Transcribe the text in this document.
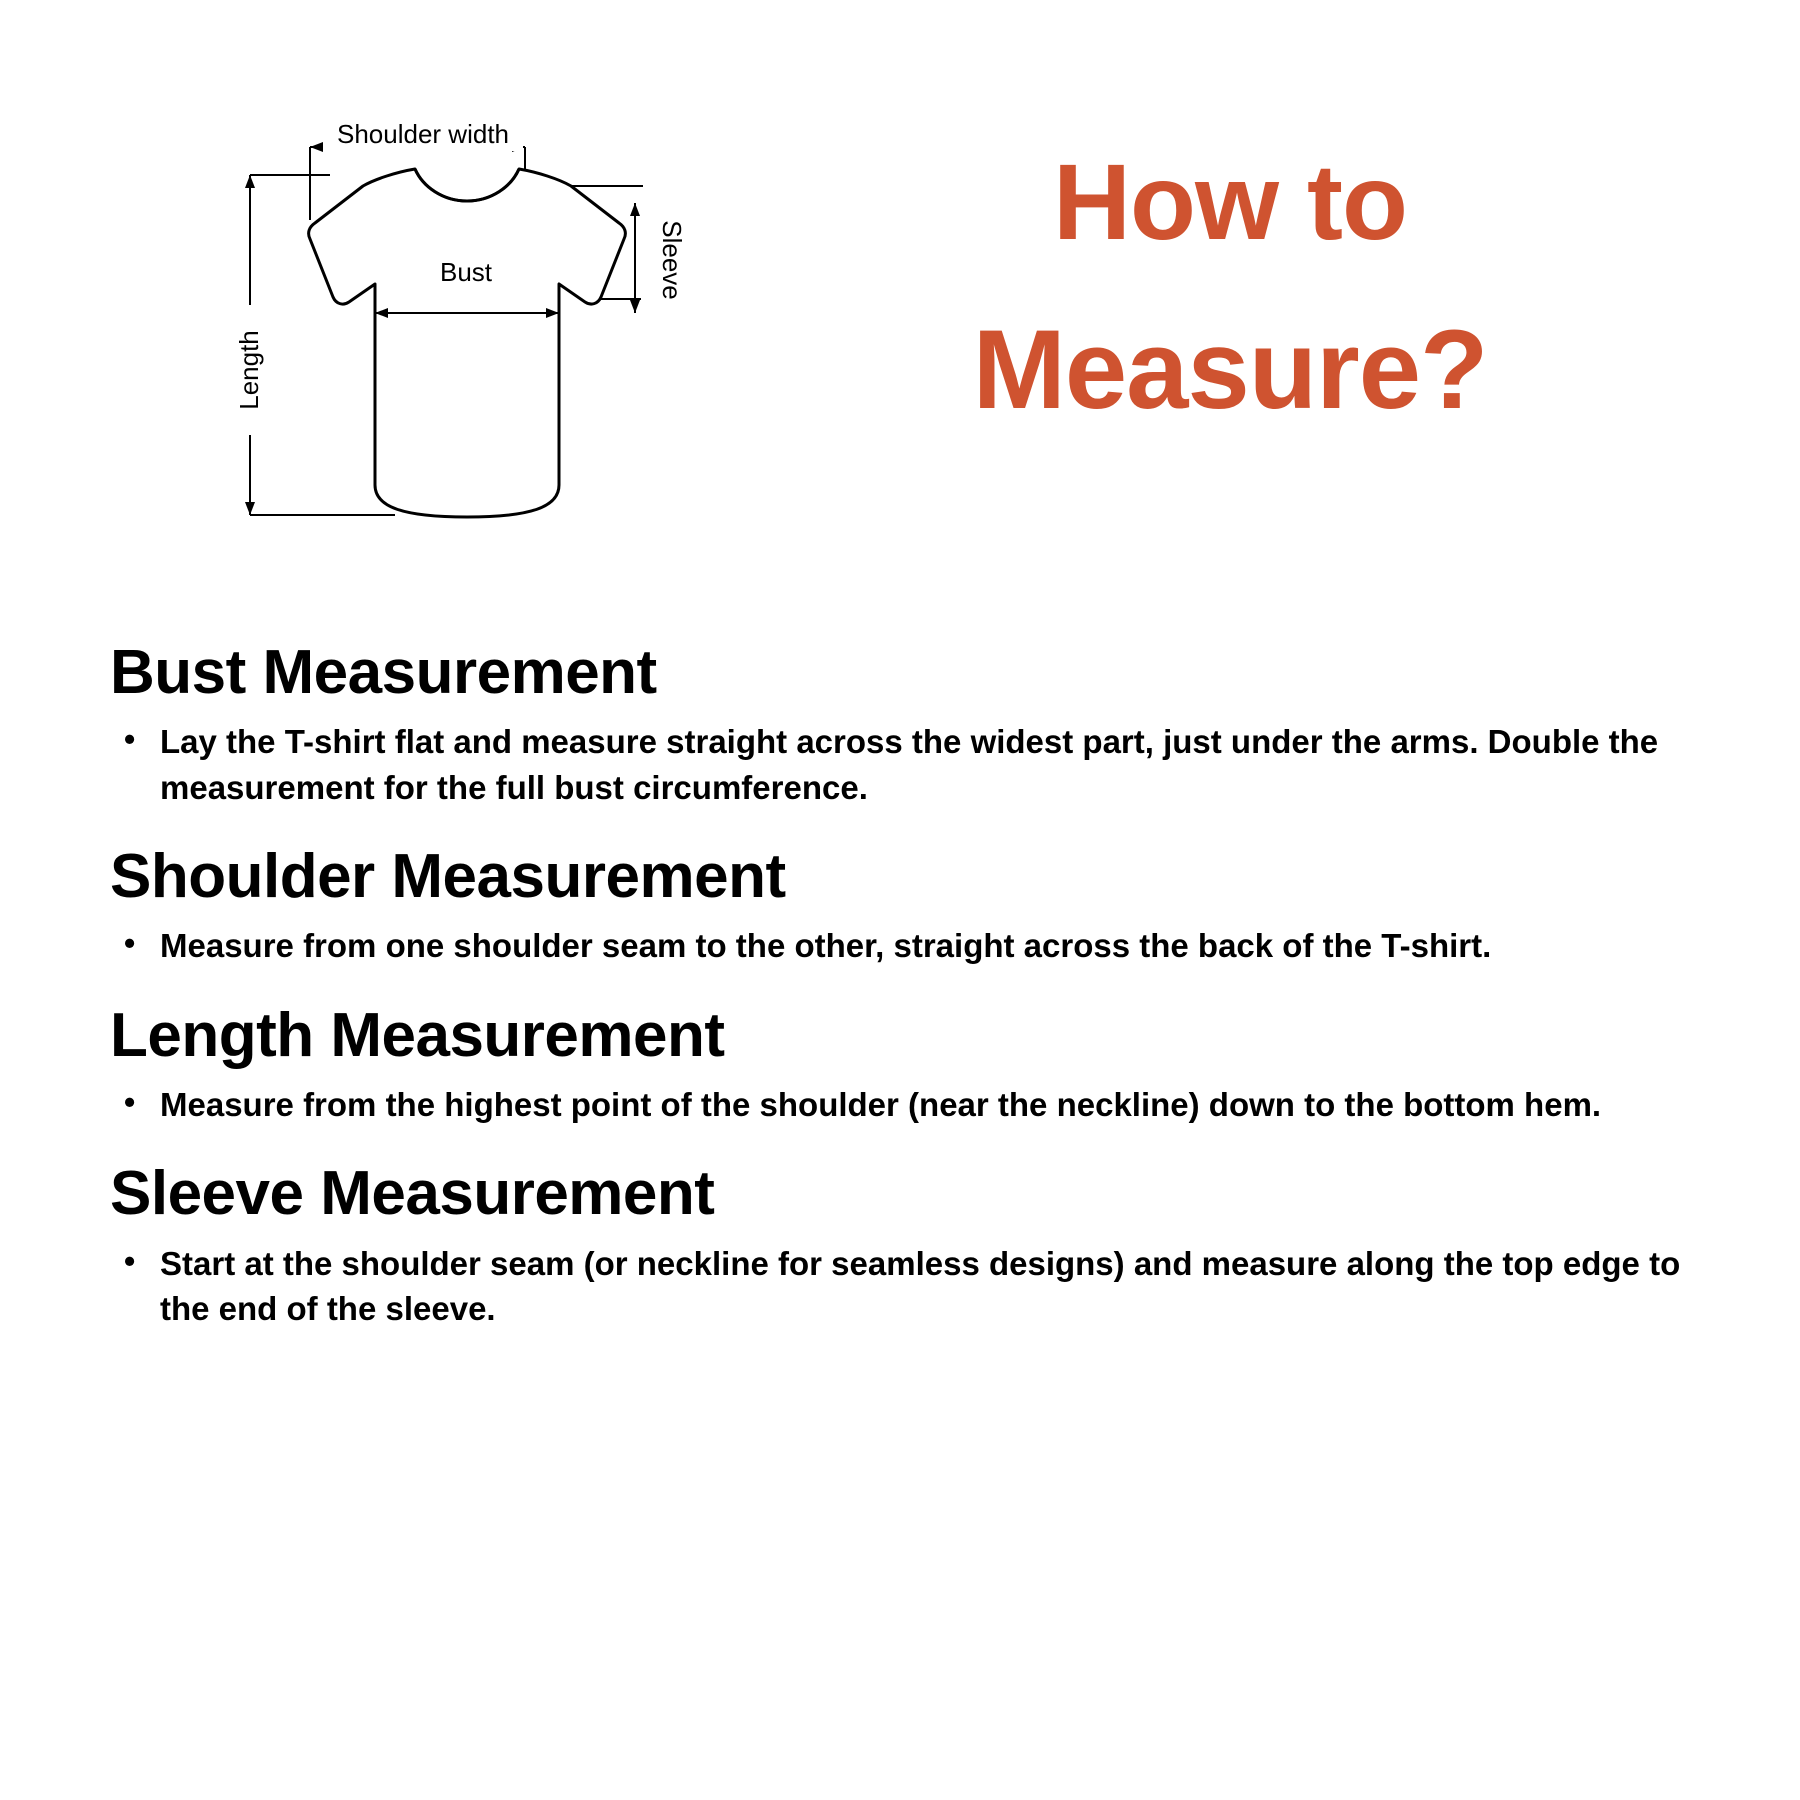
Shoulder width
Length
Bust	Sleeve	How to
Measure?
Bust Measurement
• Lay the T-shirt flat and measure straight across the widest part, just under the arms. Double the measurement for the full bust circumference.
Shoulder Measurement
• Measure from one shoulder seam to the other, straight across the back of the T-shirt.
Length Measurement
• Measure from the highest point of the shoulder (near the neckline) down to the bottom hem.
Sleeve Measurement
• Start at the shoulder seam (or neckline for seamless designs) and measure along the top edge to the end of the sleeve.
